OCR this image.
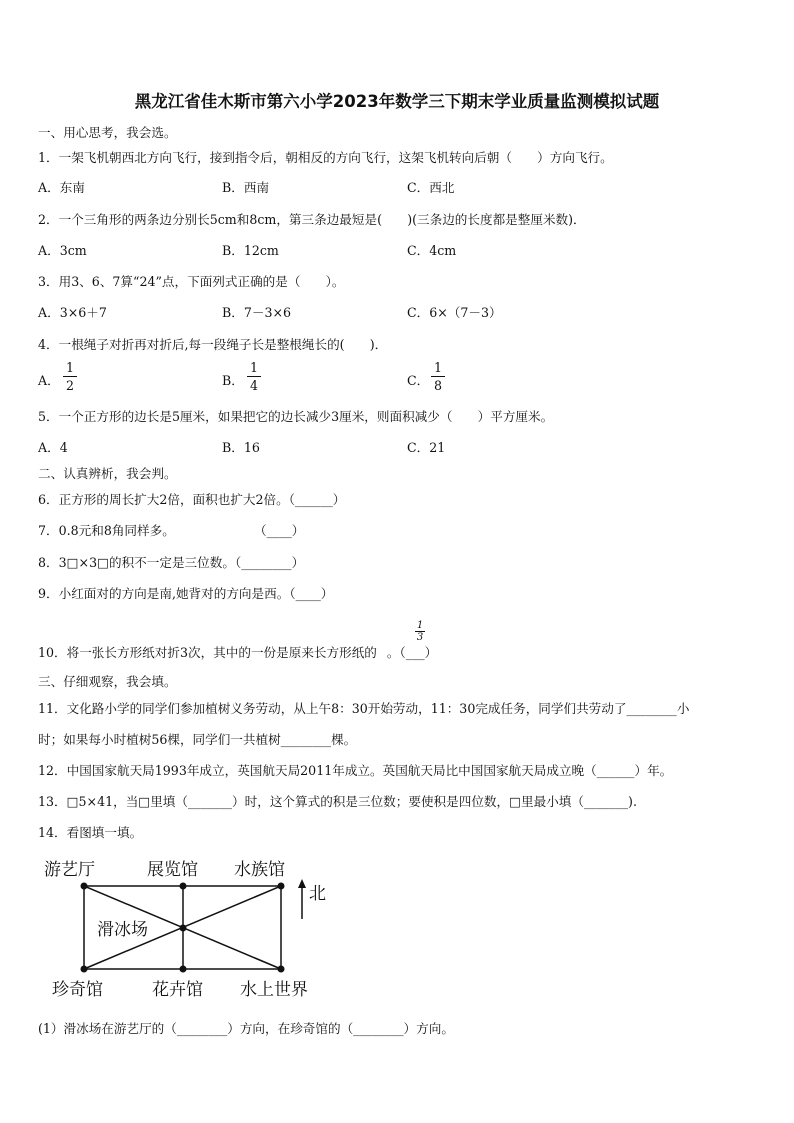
黑龙江省佳木斯市第六小学2023年数学三下期末学业质量监测模拟试题
一、用心思考，我会选。
1．一架飞机朝西北方向飞行，接到指令后，朝相反的方向飞行，这架飞机转向后朝（　　）方向飞行。
A．东南	B．西南	C．西北
2．一个三角形的两条边分别长5cm和8cm，第三条边最短是(　　)(三条边的长度都是整厘米数)．
A．3cm	B．12cm	C．4cm
3．用3、6、7算“24”点，下面列式正确的是（　　）。
A．3×6＋7	B．7－3×6	C．6×（7－3）
4．一根绳子对折再对折后,每一段绳子长是整根绳长的(　　)．
A． $\frac{1}{2}$	B． $\frac{1}{4}$	C． $\frac{1}{8}$
5．一个正方形的边长是5厘米，如果把它的边长减少3厘米，则面积减少（　　）平方厘米。
A．4	B．16	C．21
二、认真辨析，我会判。
6．正方形的周长扩大2倍，面积也扩大2倍。（______）
7．0.8元和8角同样多。	（____）
8．3□×3□的积不一定是三位数。（________）
9．小红面对的方向是南,她背对的方向是西。（____）
10．将一张长方形纸对折3次，其中的一份是原来长方形纸的 。（___）
$\frac{1}{3}$
三、仔细观察，我会填。
11．文化路小学的同学们参加植树义务劳动，从上午8：30开始劳动，11：30完成任务，同学们共劳动了________小
时；如果每小时植树56棵，同学们一共植树________棵。
12．中国国家航天局1993年成立，英国航天局2011年成立。英国航天局比中国国家航天局成立晚（______）年。
13．□5×41，当□里填（_______）时，这个算式的积是三位数；要使积是四位数，□里最小填（_______).
14．看图填一填。
游艺厅	展览馆 水族馆
滑冰场
珍奇馆	花卉馆 水上世界
北
(1）滑冰场在游艺厅的（________）方向，在珍奇馆的（________）方向。
